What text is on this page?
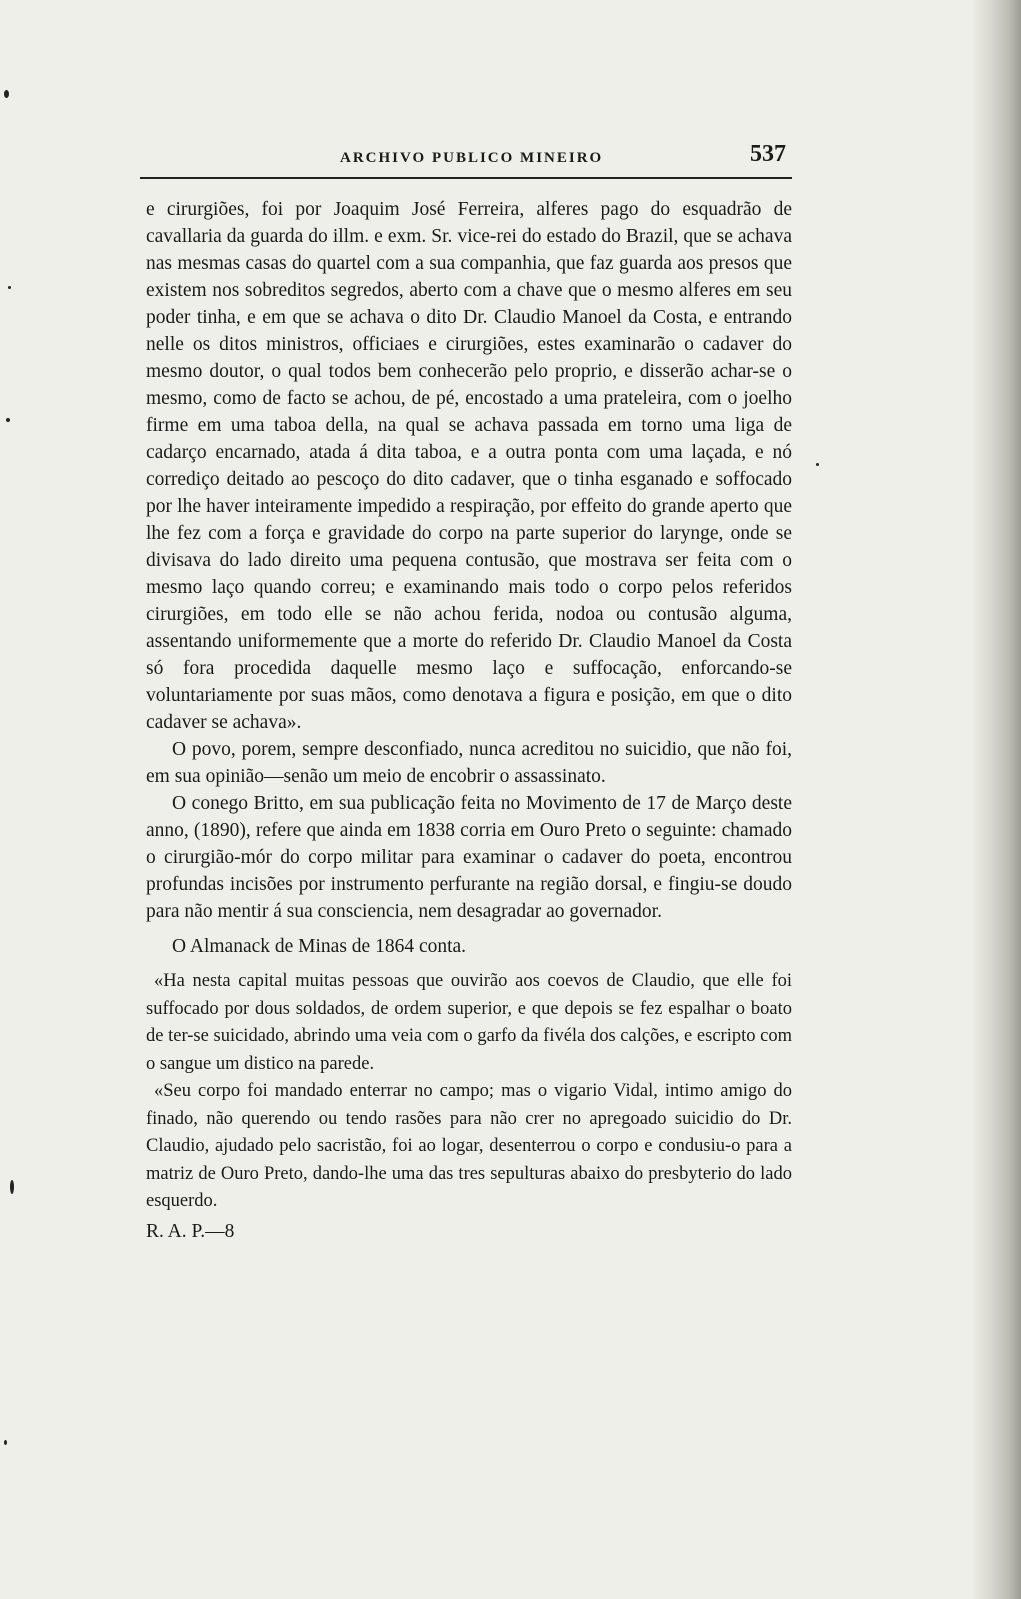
ARCHIVO PUBLICO MINEIRO	537

e cirurgiões, foi por Joaquim José Ferreira, alferes pago do esquadrão de cavallaria da guarda do illm. e exm. Sr. vice-rei do estado do Brazil, que se achava nas mesmas casas do quartel com a sua companhia, que faz guarda aos presos que existem nos sobreditos segredos, aberto com a chave que o mesmo alferes em seu poder tinha, e em que se achava o dito Dr. Claudio Manoel da Costa, e entrando nelle os ditos ministros, officiaes e cirurgiões, estes examinarão o cadaver do mesmo doutor, o qual todos bem conhecerão pelo proprio, e disserão achar-se o mesmo, como de facto se achou, de pé, encostado a uma prateleira, com o joelho firme em uma taboa della, na qual se achava passada em torno uma liga de cadarço encarnado, atada á dita taboa, e a outra ponta com uma laçada, e nó corrediço deitado ao pescoço do dito cadaver, que o tinha esganado e soffocado por lhe haver inteiramente impedido a respiração, por effeito do grande aperto que lhe fez com a força e gravidade do corpo na parte superior do larynge, onde se divisava do lado direito uma pequena contusão, que mostrava ser feita com o mesmo laço quando correu; e examinando mais todo o corpo pelos referidos cirurgiões, em todo elle se não achou ferida, nodoa ou contusão alguma, assentando uniformemente que a morte do referido Dr. Claudio Manoel da Costa só fora procedida daquelle mesmo laço e suffocação, enforcando-se voluntariamente por suas mãos, como denotava a figura e posição, em que o dito cadaver se achava».

O povo, porem, sempre desconfiado, nunca acreditou no suicidio, que não foi, em sua opinião—senão um meio de encobrir o assassinato.

O conego Britto, em sua publicação feita no Movimento de 17 de Março deste anno, (1890), refere que ainda em 1838 corria em Ouro Preto o seguinte: chamado o cirurgião-mór do corpo militar para examinar o cadaver do poeta, encontrou profundas incisões por instrumento perfurante na região dorsal, e fingiu-se doudo para não mentir á sua consciencia, nem desagradar ao governador.

O Almanack de Minas de 1864 conta.

«Ha nesta capital muitas pessoas que ouvirão aos coevos de Claudio, que elle foi suffocado por dous soldados, de ordem superior, e que depois se fez espalhar o boato de ter-se suicidado, abrindo uma veia com o garfo da fivéla dos calções, e escripto com o sangue um distico na parede.

«Seu corpo foi mandado enterrar no campo; mas o vigario Vidal, intimo amigo do finado, não querendo ou tendo rasões para não crer no apregoado suicidio do Dr. Claudio, ajudado pelo sacristão, foi ao logar, desenterrou o corpo e condusiu-o para a matriz de Ouro Preto, dando-lhe uma das tres sepulturas abaixo do presbyterio do lado esquerdo.

R. A. P.—8
